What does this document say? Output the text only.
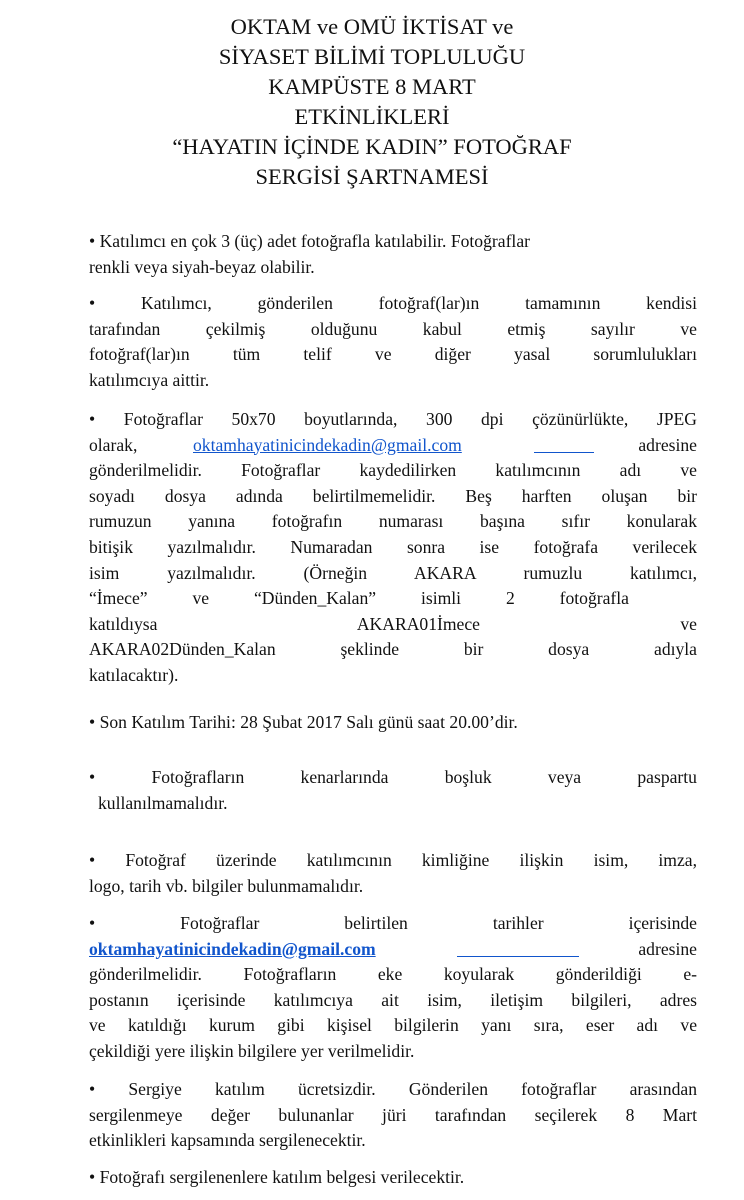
OKTAM ve OMÜ İKTİSAT ve
SİYASET BİLİMİ TOPLULUĞU
KAMPÜSTE 8 MART
ETKİNLİKLERİ
“HAYATIN İÇİNDE KADIN” FOTOĞRAF
SERGİSİ ŞARTNAMESİ

• Katılımcı en çok 3 (üç) adet fotoğrafla katılabilir. Fotoğraflar
renkli veya siyah-beyaz olabilir.

•	Katılımcı, gönderilen fotoğraf(lar)ın tamamının kendisi
tarafından çekilmiş olduğunu kabul etmiş sayılır ve
fotoğraf(lar)ın tüm telif ve diğer yasal sorumlulukları
katılımcıya aittir.

• Fotoğraflar 50x70 boyutlarında, 300 dpi çözünürlükte, JPEG
olarak,	oktamhayatinicindekadin@gmail.com	adresine
gönderilmelidir. Fotoğraflar kaydedilirken katılımcının adı ve
soyadı dosya adında belirtilmemelidir. Beş harften oluşan bir
rumuzun yanına fotoğrafın numarası başına sıfır konularak
bitişik yazılmalıdır. Numaradan sonra ise fotoğrafa verilecek
isim yazılmalıdır. (Örneğin AKARA rumuzlu katılımcı,
“İmece” ve “Dünden_Kalan” isimli 2 fotoğrafla
katıldıysa AKARA01İmece ve
AKARA02Dünden_Kalan şeklinde bir dosya adıyla
katılacaktır).

• Son Katılım Tarihi: 28 Şubat 2017 Salı günü saat 20.00’dir.

•	Fotoğrafların kenarlarında boşluk veya paspartu
kullanılmamalıdır.

• Fotoğraf üzerinde katılımcının kimliğine ilişkin isim, imza,
logo, tarih vb. bilgiler bulunmamalıdır.

•	Fotoğraflar belirtilen tarihler içerisinde
oktamhayatinicindekadin@gmail.com	adresine
gönderilmelidir. Fotoğrafların eke koyularak gönderildiği e-
postanın içerisinde katılımcıya ait isim, iletişim bilgileri, adres
ve katıldığı kurum gibi kişisel bilgilerin yanı sıra, eser adı ve
çekildiği yere ilişkin bilgilere yer verilmelidir.

• Sergiye katılım ücretsizdir. Gönderilen fotoğraflar arasından
sergilenmeye değer bulunanlar jüri tarafından seçilerek 8 Mart
etkinlikleri kapsamında sergilenecektir.

• Fotoğrafı sergilenenlere katılım belgesi verilecektir.
